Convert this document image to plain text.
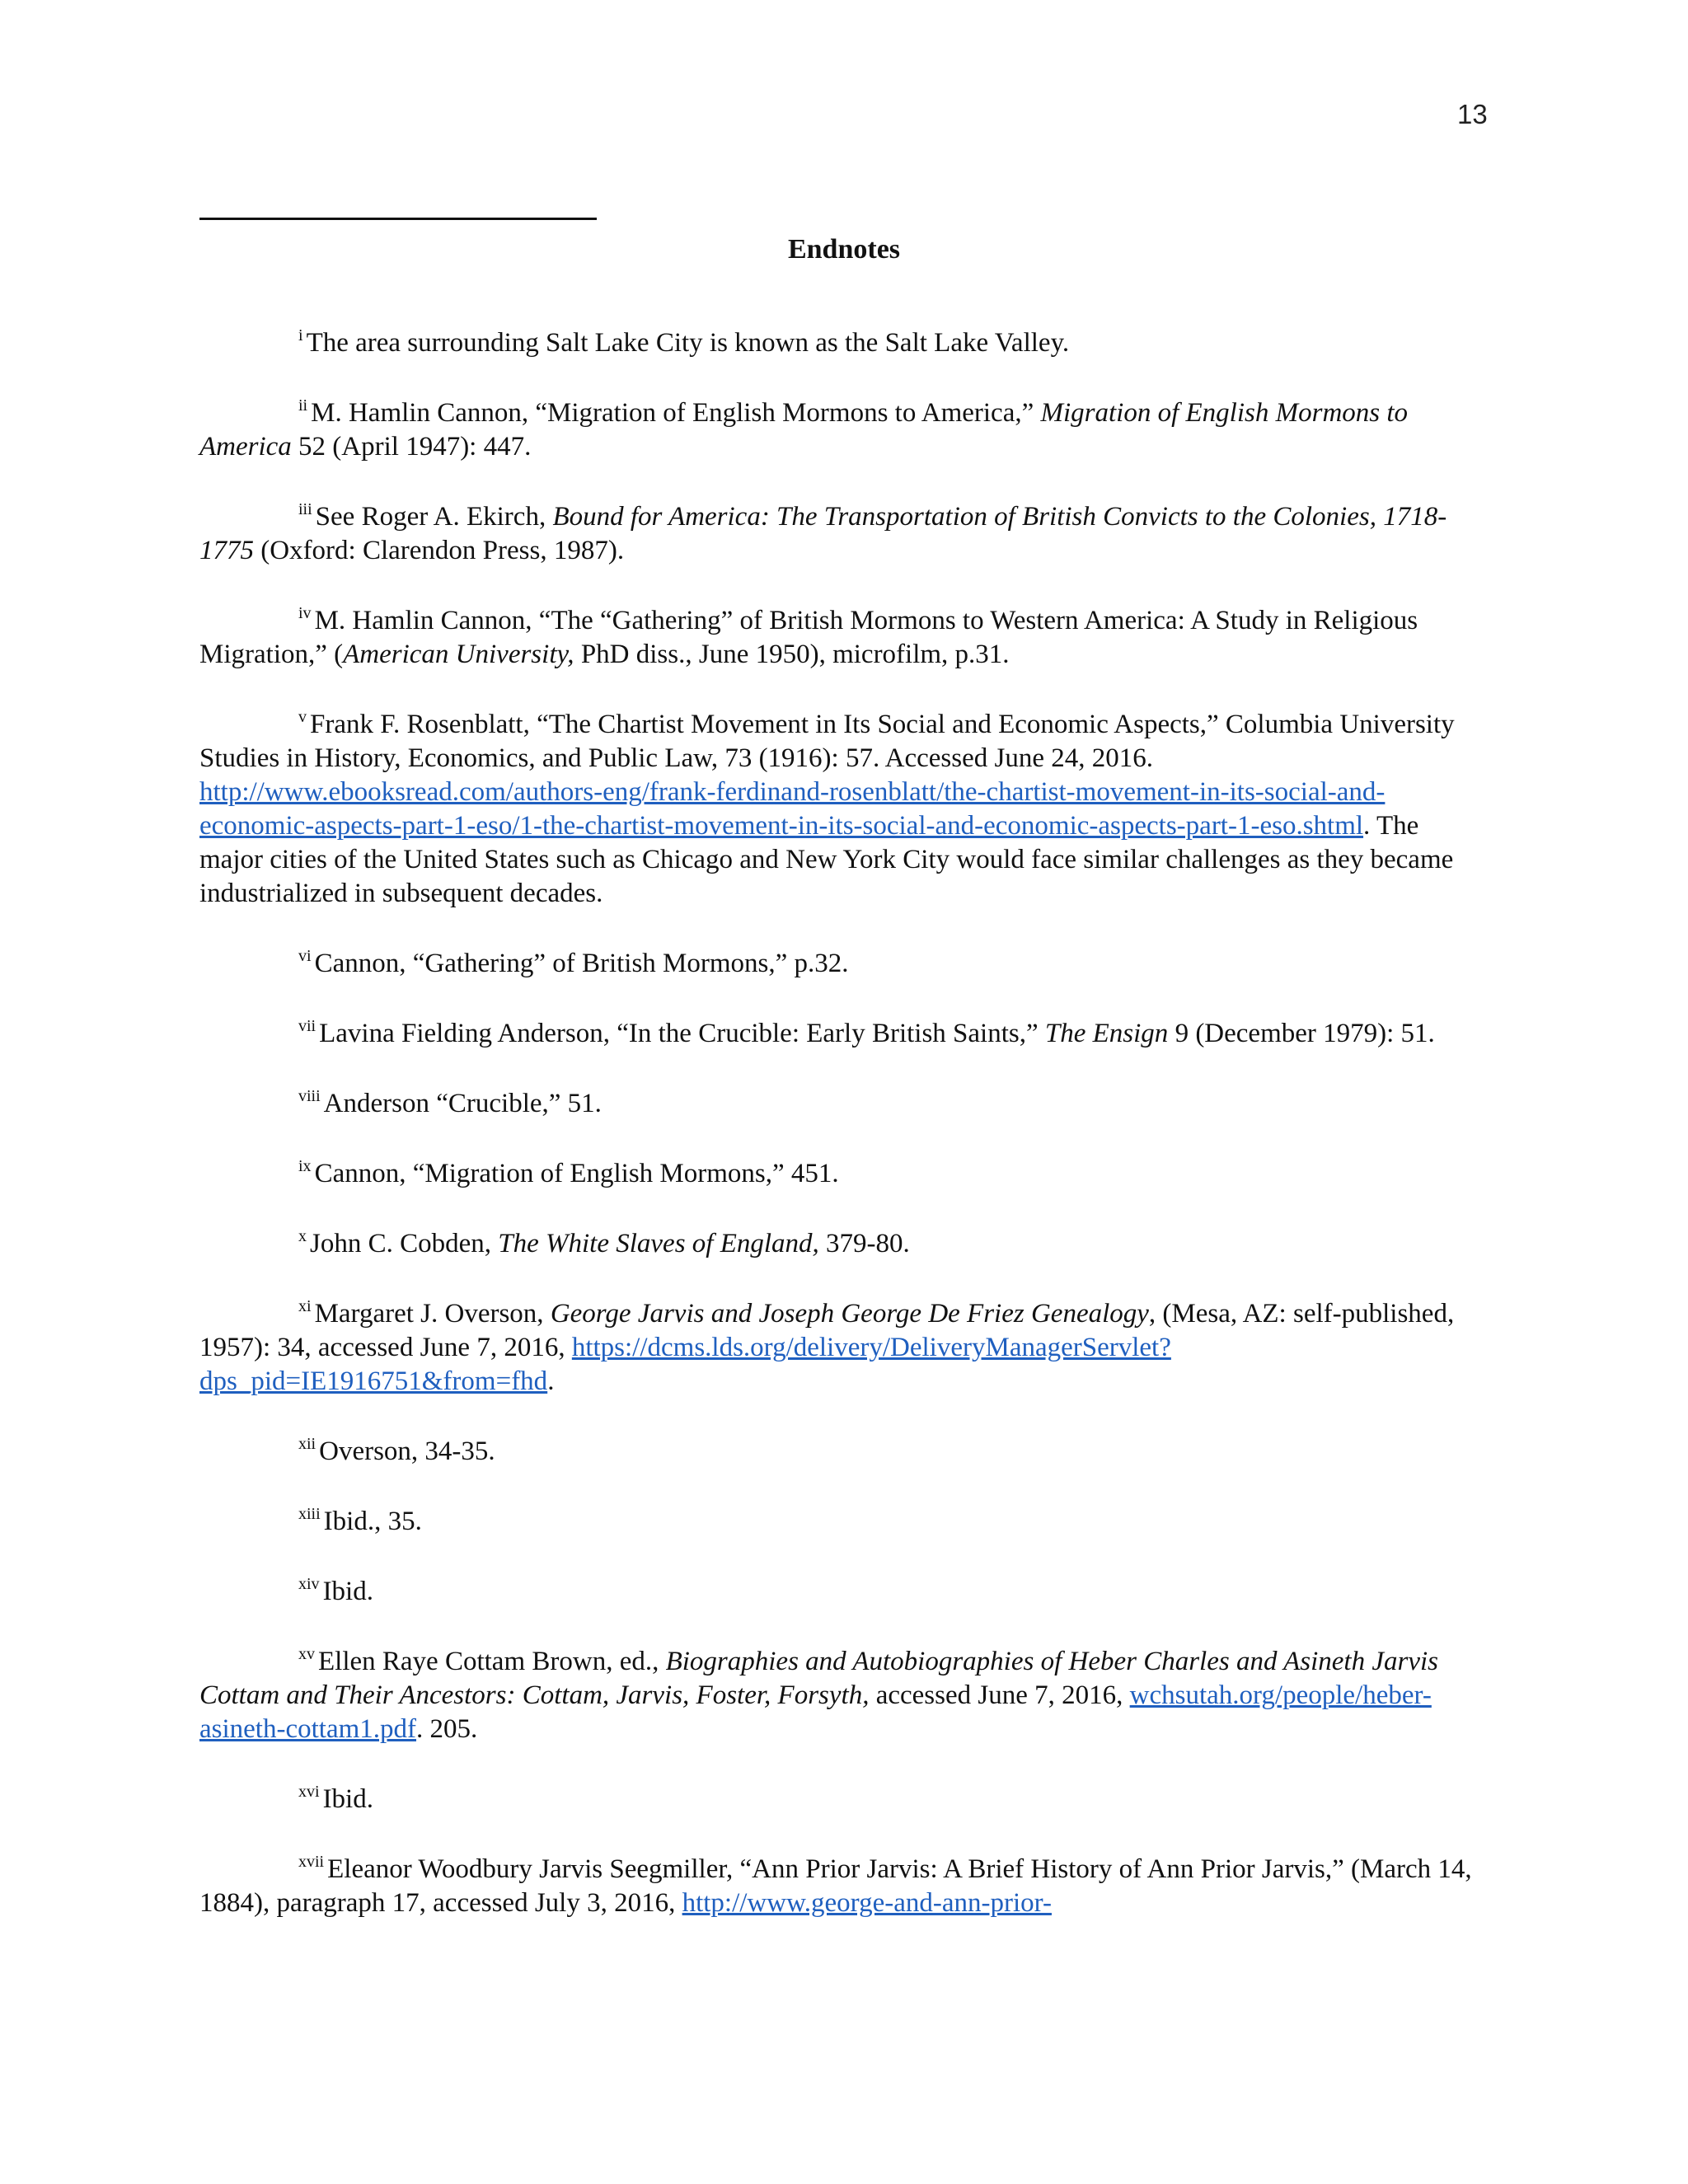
13
Endnotes

$^i$ The area surrounding Salt Lake City is known as the Salt Lake Valley.

$^{ii}$ M. Hamlin Cannon, “Migration of English Mormons to America,” Migration of English Mormons to America 52 (April 1947): 447.

$^{iii}$ See Roger A. Ekirch, Bound for America: The Transportation of British Convicts to the Colonies, 1718-1775 (Oxford: Clarendon Press, 1987).

$^{iv}$ M. Hamlin Cannon, “The “Gathering” of British Mormons to Western America: A Study in Religious Migration,” (American University, PhD diss., June 1950), microfilm, p.31.

$^v$ Frank F. Rosenblatt, “The Chartist Movement in Its Social and Economic Aspects,” Columbia University Studies in History, Economics, and Public Law, 73 (1916): 57. Accessed June 24, 2016. http://www.ebooksread.com/authors-eng/frank-ferdinand-rosenblatt/the-chartist-movement-in-its-social-and-economic-aspects-part-1-eso/1-the-chartist-movement-in-its-social-and-economic-aspects-part-1-eso.shtml. The major cities of the United States such as Chicago and New York City would face similar challenges as they became industrialized in subsequent decades.

$^{vi}$ Cannon, “Gathering” of British Mormons,” p.32.

$^{vii}$ Lavina Fielding Anderson, “In the Crucible: Early British Saints,” The Ensign 9 (December 1979): 51.

$^{viii}$ Anderson “Crucible,” 51.

$^{ix}$ Cannon, “Migration of English Mormons,” 451.

$^x$ John C. Cobden, The White Slaves of England, 379-80.

$^{xi}$ Margaret J. Overson, George Jarvis and Joseph George De Friez Genealogy, (Mesa, AZ: self-published, 1957): 34, accessed June 7, 2016, https://dcms.lds.org/delivery/DeliveryManagerServlet?dps_pid=IE1916751&from=fhd.

$^{xii}$ Overson, 34-35.

$^{xiii}$ Ibid., 35.

$^{xiv}$ Ibid.

$^{xv}$ Ellen Raye Cottam Brown, ed., Biographies and Autobiographies of Heber Charles and Asineth Jarvis Cottam and Their Ancestors: Cottam, Jarvis, Foster, Forsyth, accessed June 7, 2016, wchsutah.org/people/heber-asineth-cottam1.pdf. 205.

$^{xvi}$ Ibid.

$^{xvii}$ Eleanor Woodbury Jarvis Seegmiller, “Ann Prior Jarvis: A Brief History of Ann Prior Jarvis,” (March 14, 1884), paragraph 17, accessed July 3, 2016, http://www.george-and-ann-prior-
